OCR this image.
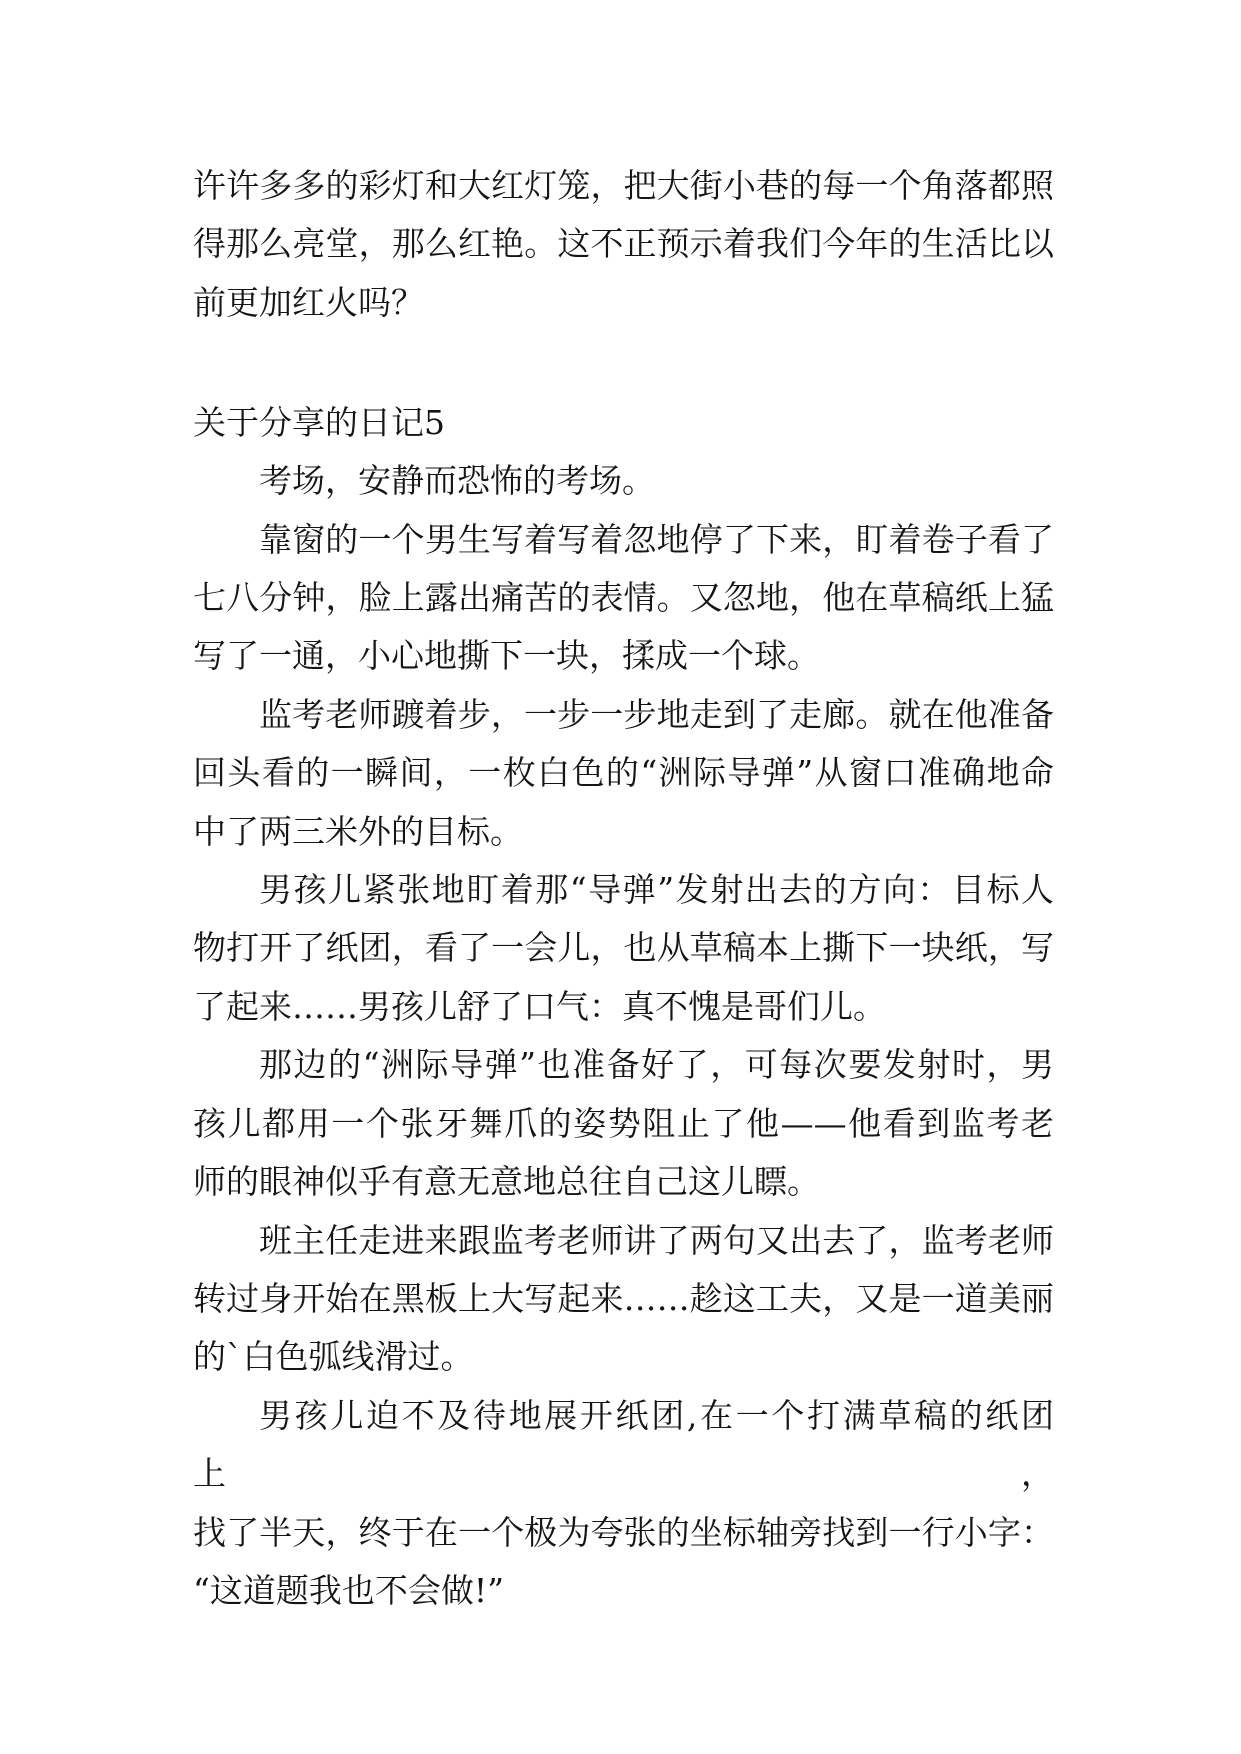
许许多多的彩灯和大红灯笼，把大街小巷的每一个角落都照
得那么亮堂，那么红艳。这不正预示着我们今年的生活比以
前更加红火吗？
关于分享的日记5
考场，安静而恐怖的考场。
靠窗的一个男生写着写着忽地停了下来，盯着卷子看了
七八分钟，脸上露出痛苦的表情。又忽地，他在草稿纸上猛
写了一通，小心地撕下一块，揉成一个球。
监考老师踱着步，一步一步地走到了走廊。就在他准备
回头看的一瞬间，一枚白色的“洲际导弹”从窗口准确地命
中了两三米外的目标。
男孩儿紧张地盯着那“导弹”发射出去的方向：目标人
物打开了纸团，看了一会儿，也从草稿本上撕下一块纸，写
了起来……男孩儿舒了口气：真不愧是哥们儿。
那边的“洲际导弹”也准备好了，可每次要发射时，男
孩儿都用一个张牙舞爪的姿势阻止了他——他看到监考老
师的眼神似乎有意无意地总往自己这儿瞟。
班主任走进来跟监考老师讲了两句又出去了，监考老师
转过身开始在黑板上大写起来……趁这工夫，又是一道美丽
的`白色弧线滑过。
男孩儿迫不及待地展开纸团,在一个打满草稿的纸团上，
找了半天，终于在一个极为夸张的坐标轴旁找到一行小字：
“这道题我也不会做!”
